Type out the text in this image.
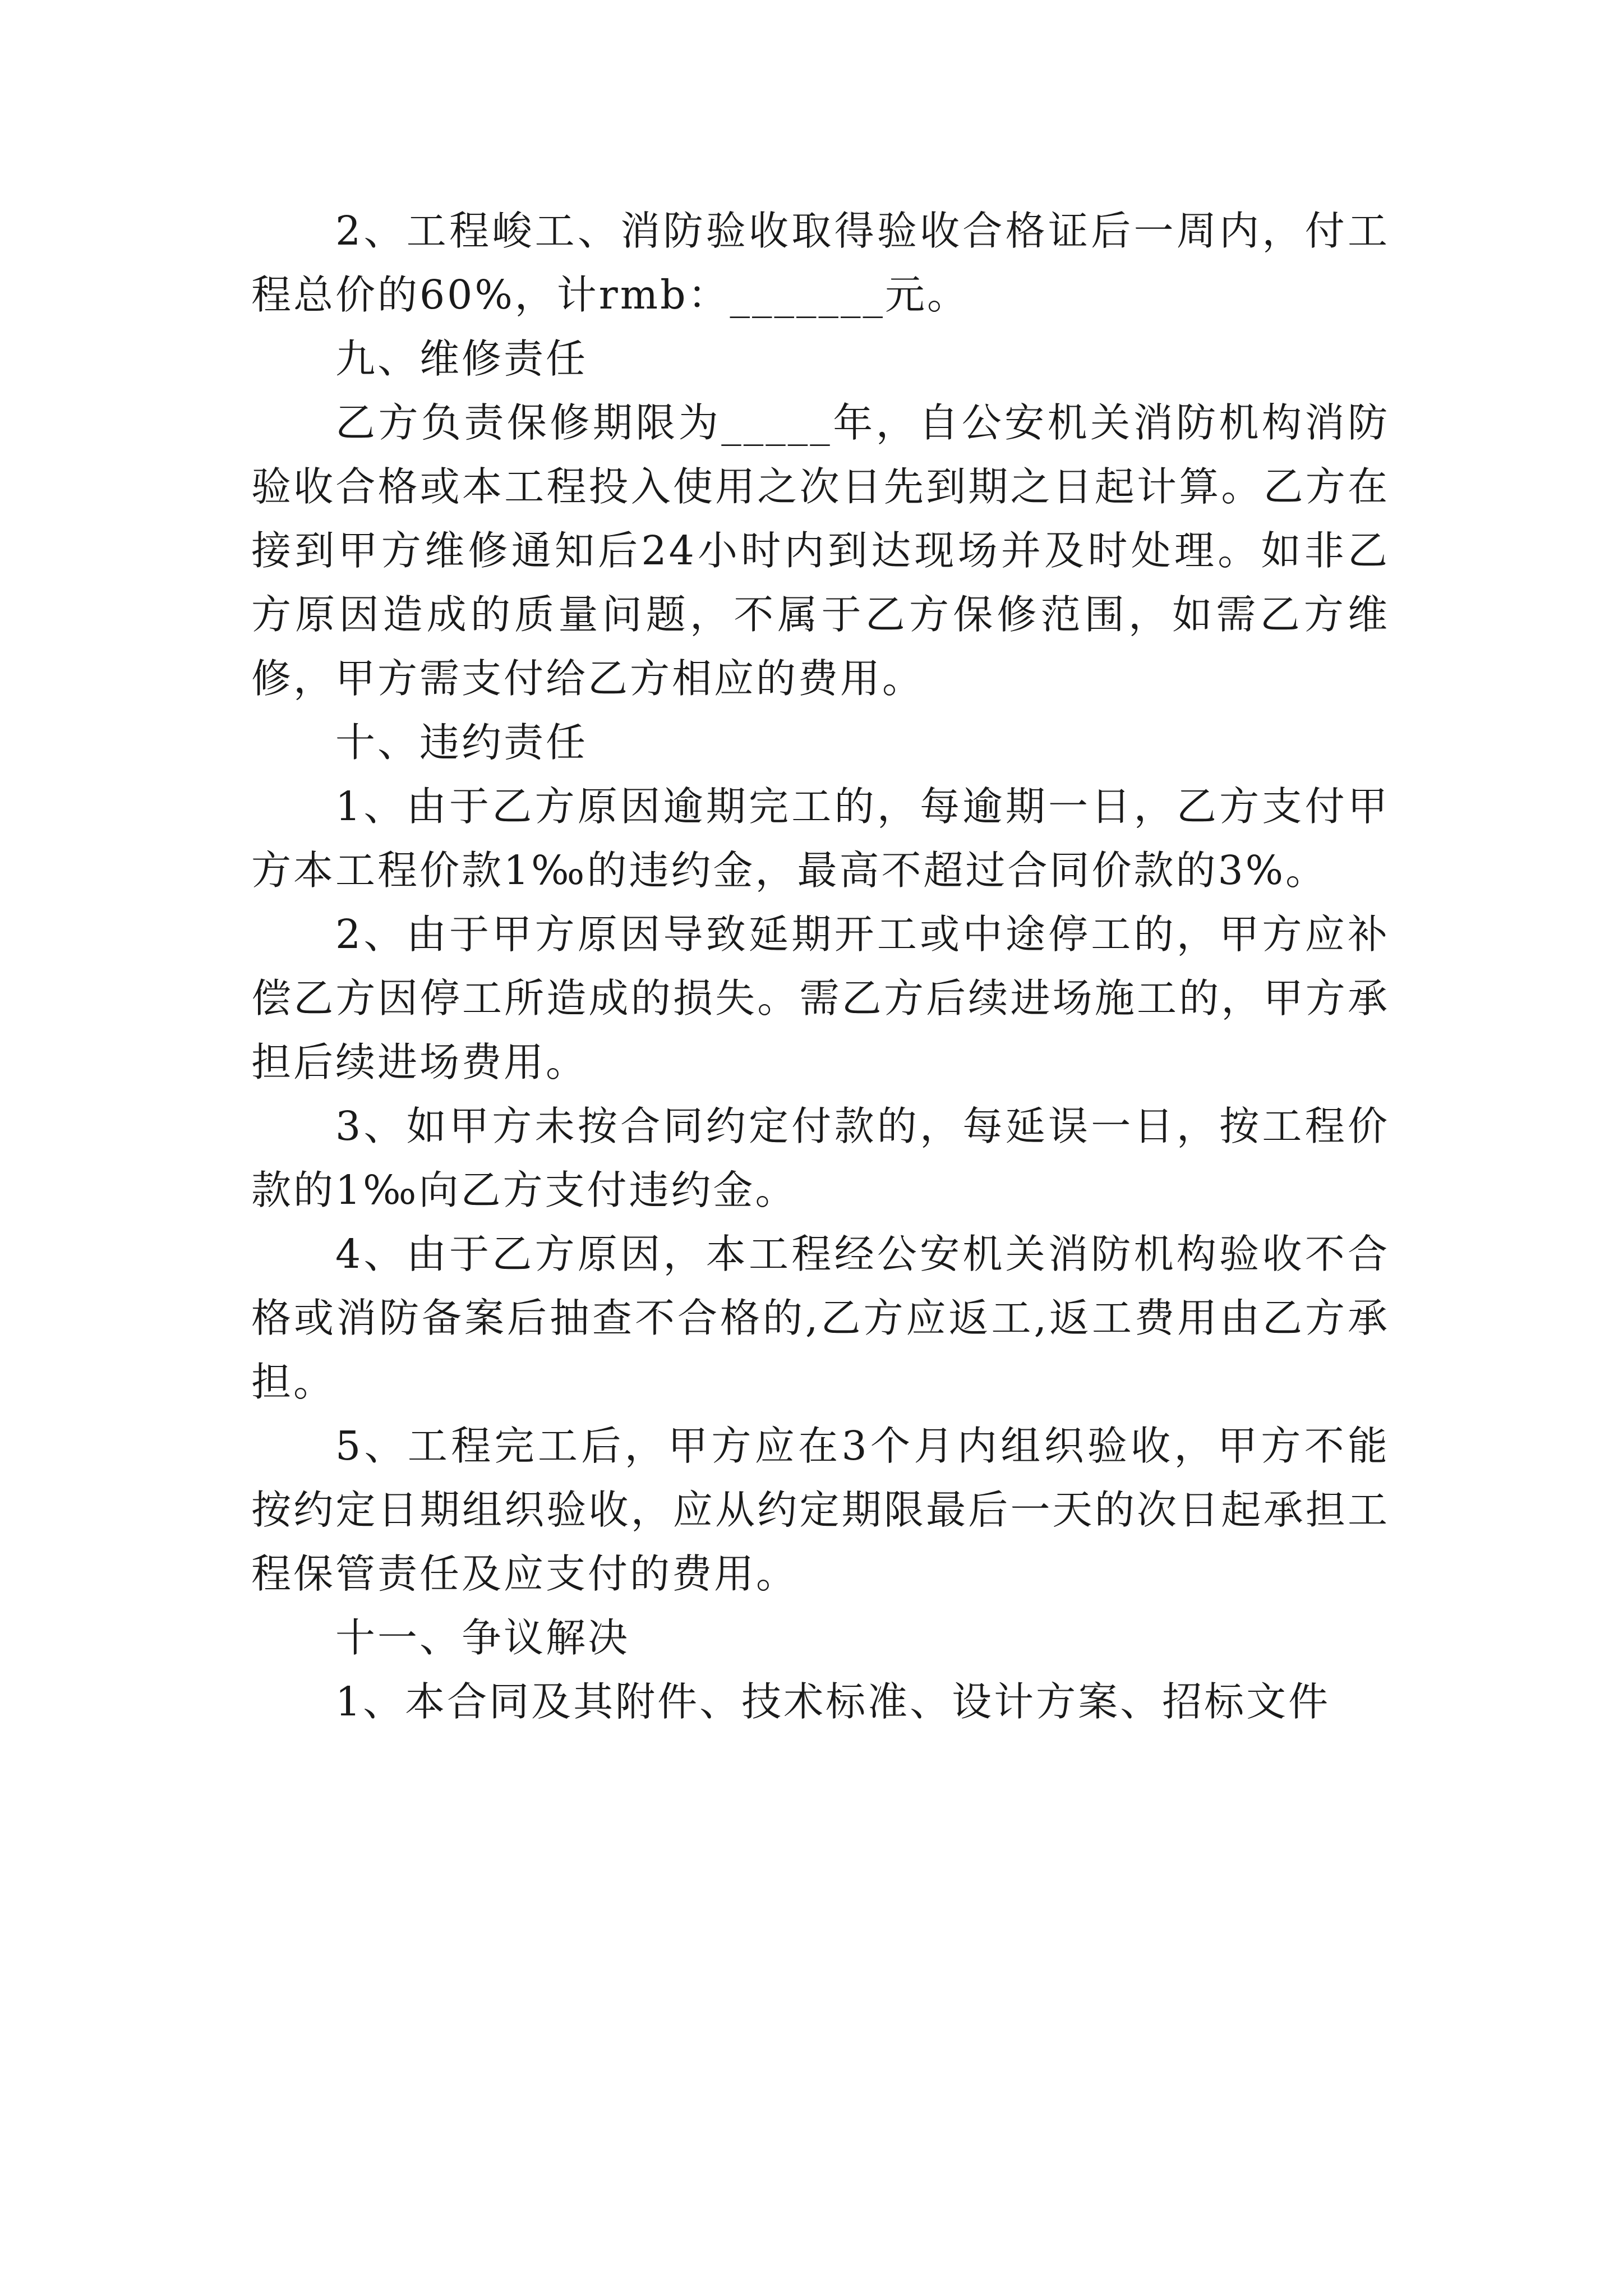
2、工程峻工、消防验收取得验收合格证后一周内，付工程总价的60%，计rmb：_______元。

九、维修责任

乙方负责保修期限为_____年，自公安机关消防机构消防验收合格或本工程投入使用之次日先到期之日起计算。乙方在接到甲方维修通知后24小时内到达现场并及时处理。如非乙方原因造成的质量问题，不属于乙方保修范围，如需乙方维修，甲方需支付给乙方相应的费用。

十、违约责任

1、由于乙方原因逾期完工的，每逾期一日，乙方支付甲方本工程价款1‰的违约金，最高不超过合同价款的3%。

2、由于甲方原因导致延期开工或中途停工的，甲方应补偿乙方因停工所造成的损失。需乙方后续进场施工的，甲方承担后续进场费用。

3、如甲方未按合同约定付款的，每延误一日，按工程价款的1‰向乙方支付违约金。

4、由于乙方原因，本工程经公安机关消防机构验收不合格或消防备案后抽查不合格的,乙方应返工,返工费用由乙方承担。

5、工程完工后，甲方应在3个月内组织验收，甲方不能按约定日期组织验收，应从约定期限最后一天的次日起承担工程保管责任及应支付的费用。

十一、争议解决

1、本合同及其附件、技术标准、设计方案、招标文件
